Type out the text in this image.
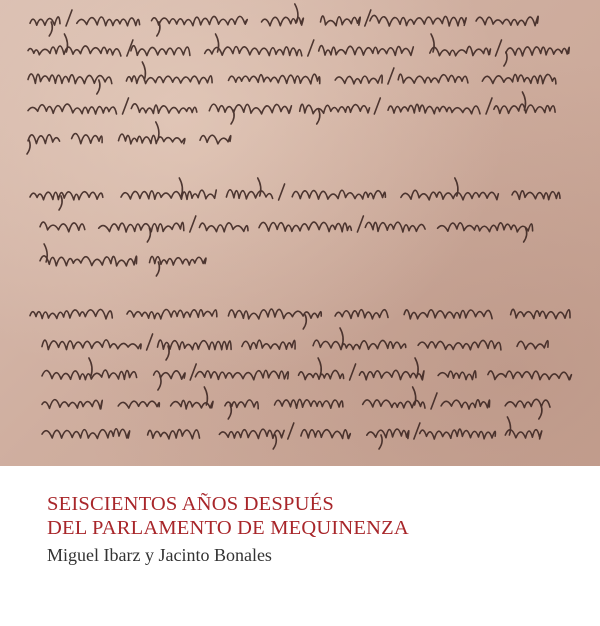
SEISCIENTOS AÑOS DESPUÉS
DEL PARLAMENTO DE MEQUINENZA
Miguel Ibarz y Jacinto Bonales
